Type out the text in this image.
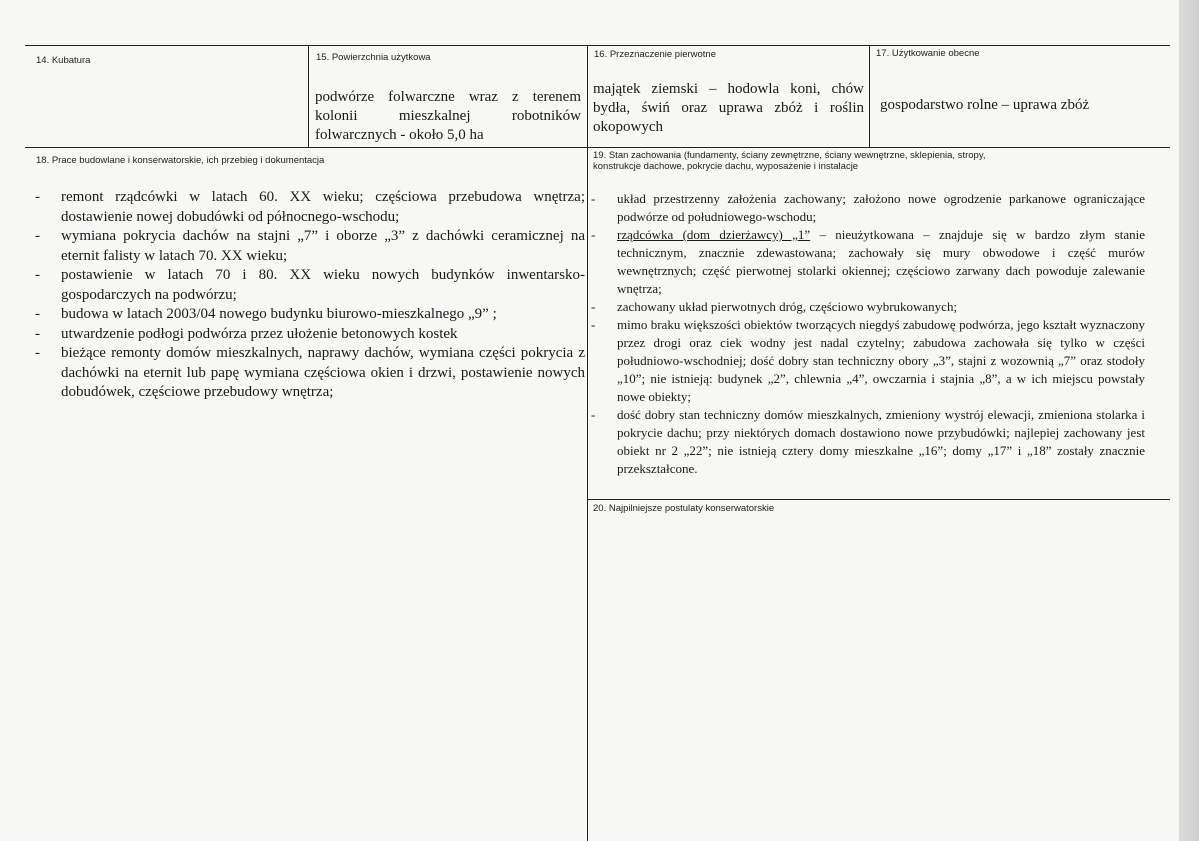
14. Kubatura	15. Powierzchnia użytkowa
podwórze folwarczne wraz z terenem
kolonii mieszkalnej robotników
folwarcznych - około 5,0 ha
16. Przeznaczenie pierwotne
majątek ziemski – hodowla koni, chów
bydła, świń oraz uprawa zbóż i roślin
okopowych
17. Użytkowanie obecne
gospodarstwo rolne – uprawa zbóż
18. Prace budowlane i konserwatorskie, ich przebieg i dokumentacja
- remont rządcówki w latach 60. XX wieku; częściowa przebudowa wnętrza; dostawienie nowej dobudówki od północnego-wschodu;
- wymiana pokrycia dachów na stajni „7” i oborze „3” z dachówki ceramicznej na eternit falisty w latach 70. XX wieku;
- postawienie w latach 70 i 80. XX wieku nowych budynków inwentarsko-gospodarczych na podwórzu;
- budowa w latach 2003/04 nowego budynku biurowo-mieszkalnego „9” ;
- utwardzenie podłogi podwórza przez ułożenie betonowych kostek
- bieżące remonty domów mieszkalnych, naprawy dachów, wymiana części pokrycia z dachówki na eternit lub papę wymiana częściowa okien i drzwi, postawienie nowych dobudówek, częściowe przebudowy wnętrza;
19. Stan zachowania (fundamenty, ściany zewnętrzne, ściany wewnętrzne, sklepienia, stropy,
konstrukcje dachowe, pokrycie dachu, wyposażenie i instalacje
- układ przestrzenny założenia zachowany; założono nowe ogrodzenie parkanowe ograniczające podwórze od południowego-wschodu;
- rządcówka (dom dzierżawcy) „1” – nieużytkowana – znajduje się w bardzo złym stanie technicznym, znacznie zdewastowana; zachowały się mury obwodowe i część murów wewnętrznych; część pierwotnej stolarki okiennej; częściowo zarwany dach powoduje zalewanie wnętrza;
- zachowany układ pierwotnych dróg, częściowo wybrukowanych;
- mimo braku większości obiektów tworzących niegdyś zabudowę podwórza, jego kształt wyznaczony przez drogi oraz ciek wodny jest nadal czytelny; zabudowa zachowała się tylko w części południowo-wschodniej; dość dobry stan techniczny obory „3”, stajni z wozownią „7” oraz stodoły „10”; nie istnieją: budynek „2”, chlewnia „4”, owczarnia i stajnia „8”, a w ich miejscu powstały nowe obiekty;
- dość dobry stan techniczny domów mieszkalnych, zmieniony wystrój elewacji, zmieniona stolarka i pokrycie dachu; przy niektórych domach dostawiono nowe przybudówki; najlepiej zachowany jest obiekt nr 2 „22”; nie istnieją cztery domy mieszkalne „16”; domy „17” i „18” zostały znacznie przekształcone.
20. Najpilniejsze postulaty konserwatorskie
